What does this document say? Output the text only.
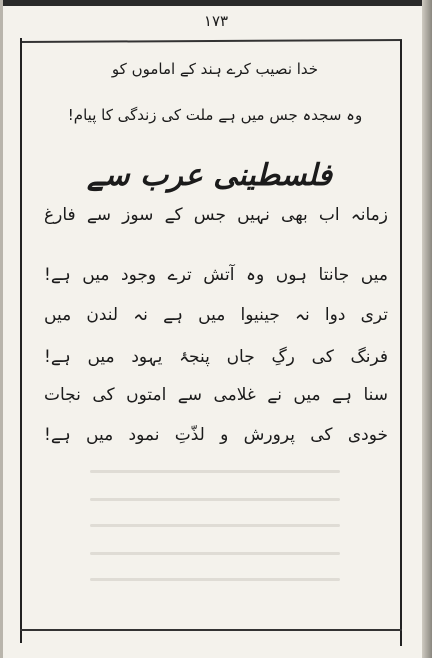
۱۷۳
خدا نصیب کرے ہند کے اماموں کو
وہ سجدہ جس میں ہے ملت کی زندگی کا پیام!
فلسطینی عرب سے
زمانہ اب بھی نہیں جس کے سوز سے فارغ
میں جانتا ہوں وہ آتش ترے وجود میں ہے!
تری دوا نہ جینیوا میں ہے نہ لندن میں
فرنگ کی رگِ جاں پنجۂ یہود میں ہے!
سنا ہے میں نے غلامی سے امتوں کی نجات
خودی کی پرورش و لذّتِ نمود میں ہے!
